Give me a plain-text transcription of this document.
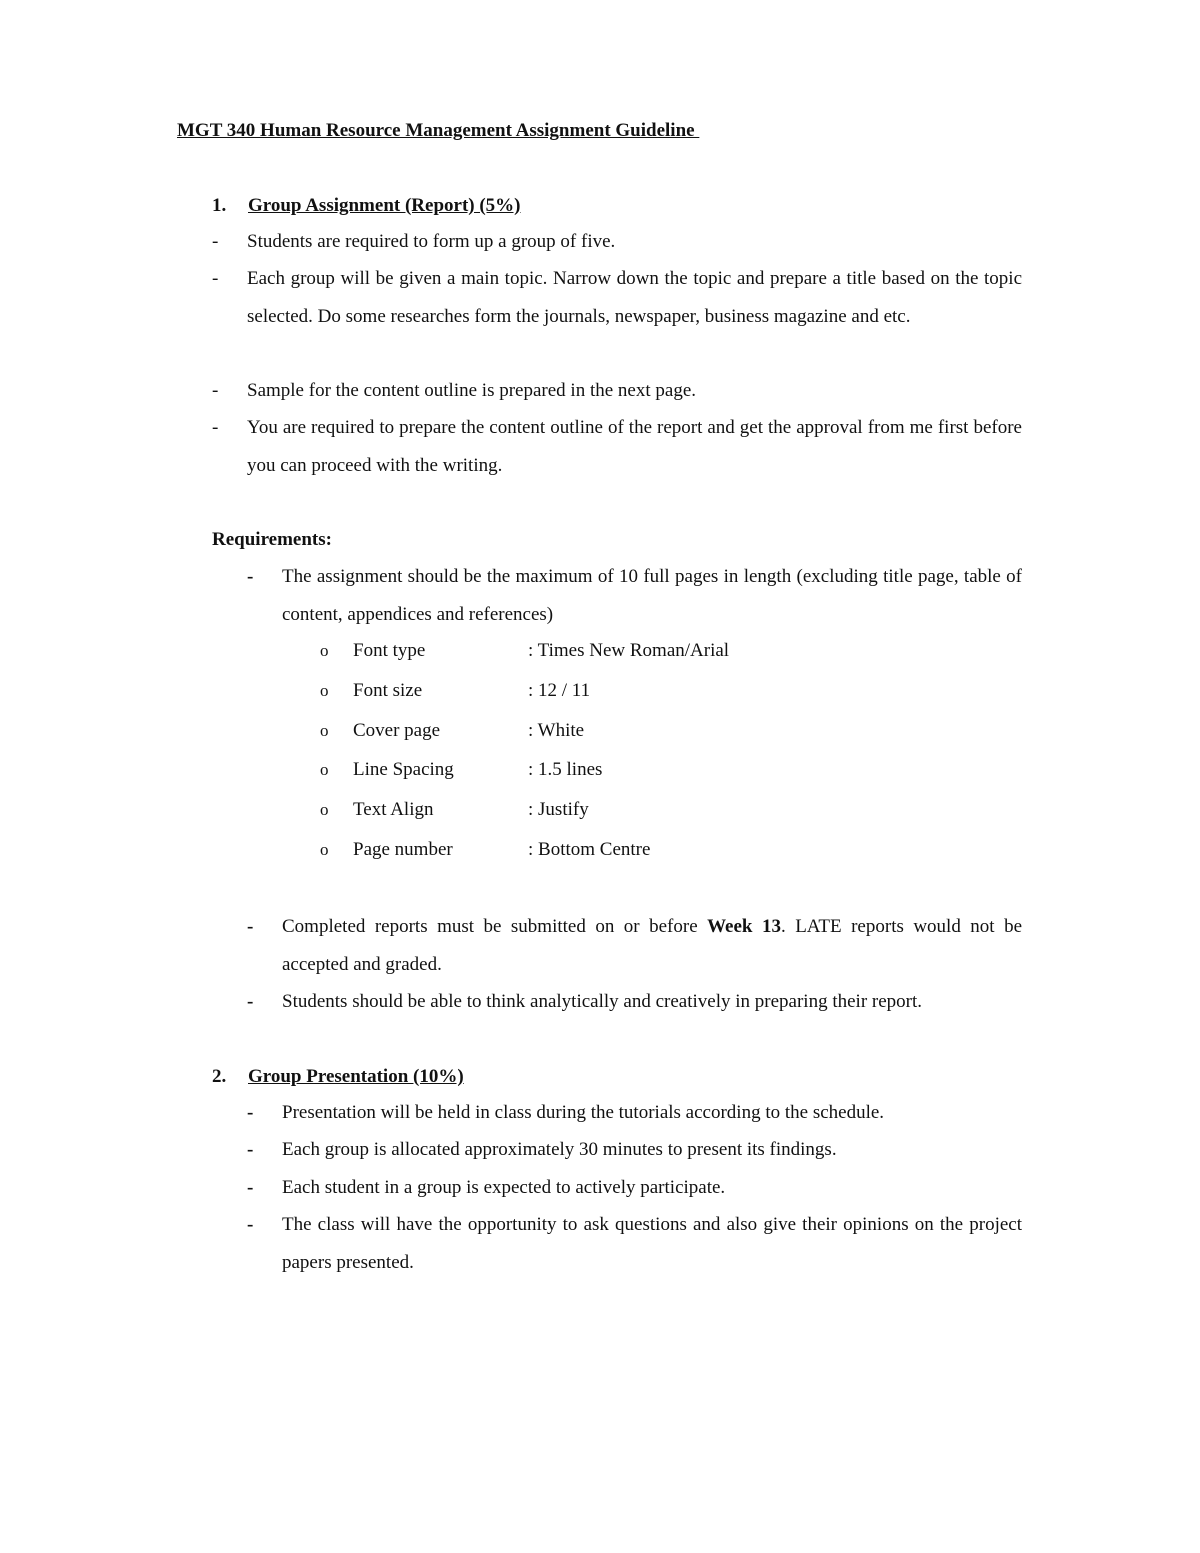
MGT 340 Human Resource Management Assignment Guideline
1. Group Assignment (Report) (5%)
- Students are required to form up a group of five.
- Each group will be given a main topic. Narrow down the topic and prepare a title based on the topic selected. Do some researches form the journals, newspaper, business magazine and etc.
- Sample for the content outline is prepared in the next page.
- You are required to prepare the content outline of the report and get the approval from me first before you can proceed with the writing.
Requirements:
- The assignment should be the maximum of 10 full pages in length (excluding title page, table of content, appendices and references)
o Font type	: Times New Roman/Arial
o Font size	: 12 / 11
o Cover page	: White
o Line Spacing	: 1.5 lines
o Text Align	: Justify
o Page number	: Bottom Centre
- Completed reports must be submitted on or before Week 13. LATE reports would not be accepted and graded.
- Students should be able to think analytically and creatively in preparing their report.
2. Group Presentation (10%)
- Presentation will be held in class during the tutorials according to the schedule.
- Each group is allocated approximately 30 minutes to present its findings.
- Each student in a group is expected to actively participate.
- The class will have the opportunity to ask questions and also give their opinions on the project papers presented.
